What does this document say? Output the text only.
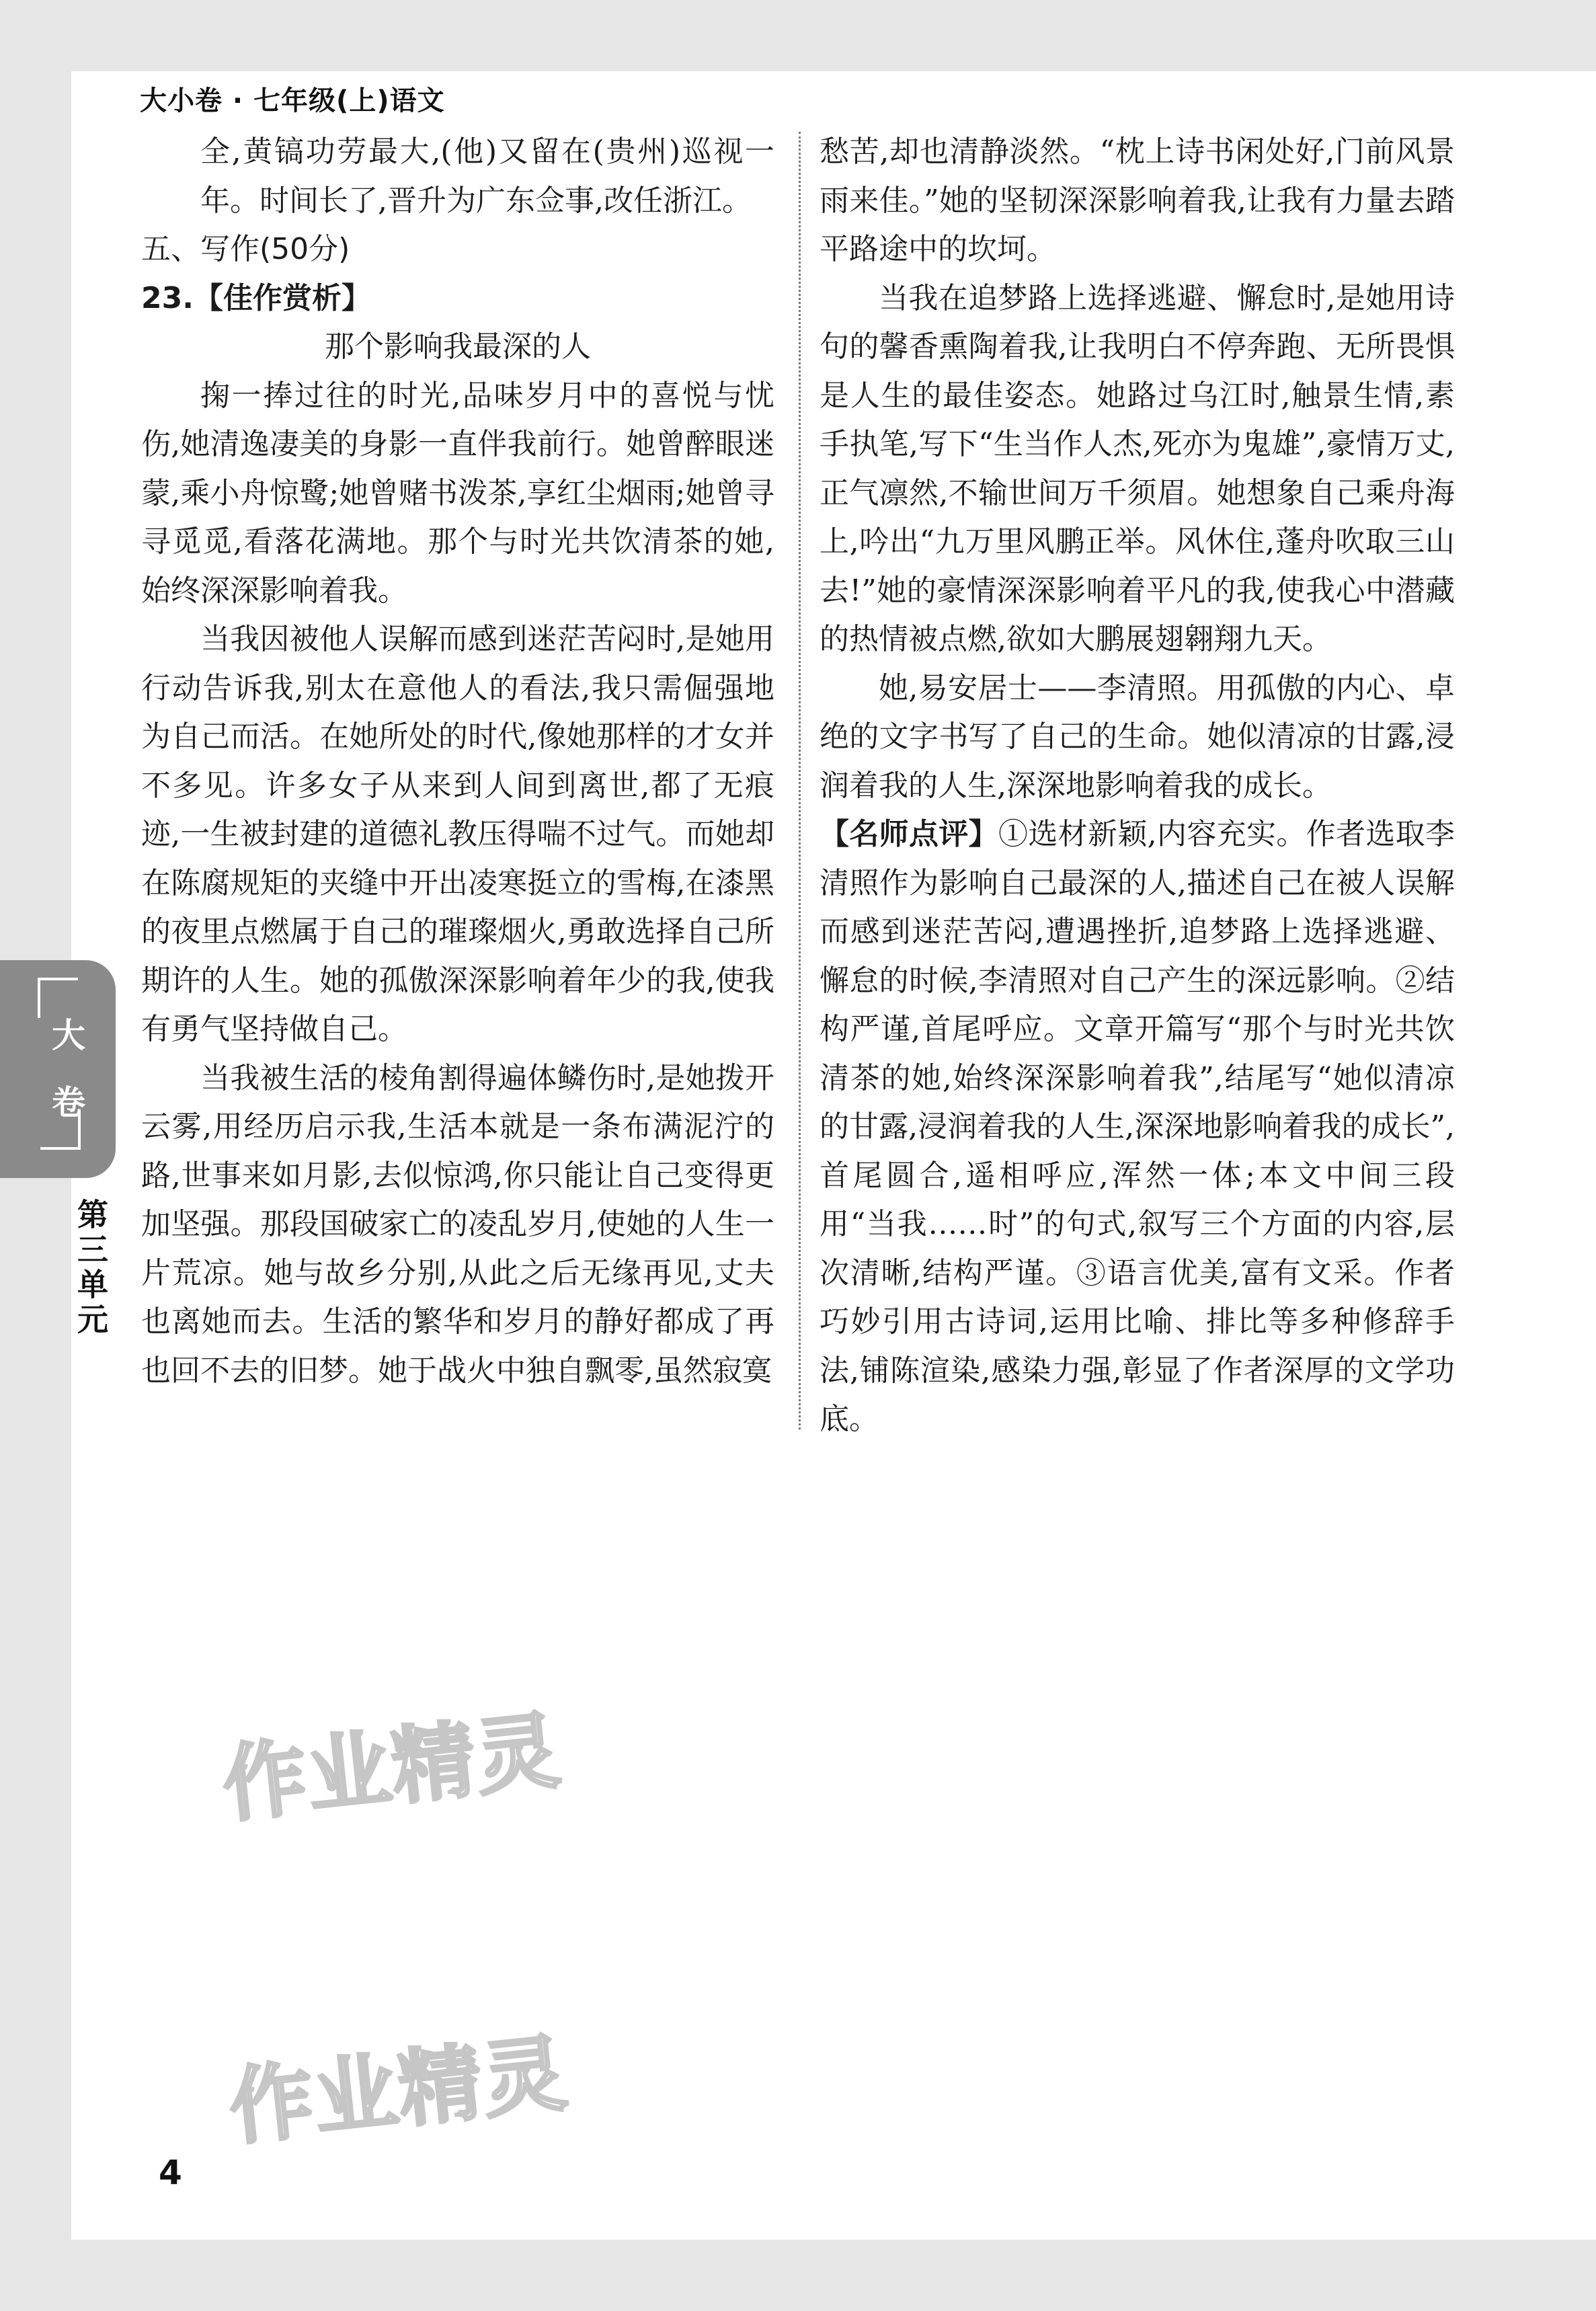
大小卷 · 七年级(上)语文

全,黄镐功劳最大,(他)又留在(贵州)巡视一年。时间长了,晋升为广东佥事,改任浙江。

五、写作(50分)

23.【佳作赏析】

那个影响我最深的人

掬一捧过往的时光,品味岁月中的喜悦与忧伤,她清逸凄美的身影一直伴我前行。她曾醉眼迷蒙,乘小舟惊鹭;她曾赌书泼茶,享红尘烟雨;她曾寻寻觅觅,看落花满地。那个与时光共饮清茶的她,始终深深影响着我。

当我因被他人误解而感到迷茫苦闷时,是她用行动告诉我,别太在意他人的看法,我只需倔强地为自己而活。在她所处的时代,像她那样的才女并不多见。许多女子从来到人间到离世,都了无痕迹,一生被封建的道德礼教压得喘不过气。而她却在陈腐规矩的夹缝中开出凌寒挺立的雪梅,在漆黑的夜里点燃属于自己的璀璨烟火,勇敢选择自己所期许的人生。她的孤傲深深影响着年少的我,使我有勇气坚持做自己。

当我被生活的棱角割得遍体鳞伤时,是她拨开云雾,用经历启示我,生活本就是一条布满泥泞的路,世事来如月影,去似惊鸿,你只能让自己变得更加坚强。那段国破家亡的凌乱岁月,使她的人生一片荒凉。她与故乡分别,从此之后无缘再见,丈夫也离她而去。生活的繁华和岁月的静好都成了再也回不去的旧梦。她于战火中独自飘零,虽然寂寞

愁苦,却也清静淡然。“枕上诗书闲处好,门前风景雨来佳。”她的坚韧深深影响着我,让我有力量去踏平路途中的坎坷。

当我在追梦路上选择逃避、懈怠时,是她用诗句的馨香熏陶着我,让我明白不停奔跑、无所畏惧是人生的最佳姿态。她路过乌江时,触景生情,素手执笔,写下“生当作人杰,死亦为鬼雄”,豪情万丈,正气凛然,不输世间万千须眉。她想象自己乘舟海上,吟出“九万里风鹏正举。风休住,蓬舟吹取三山去!”她的豪情深深影响着平凡的我,使我心中潜藏的热情被点燃,欲如大鹏展翅翱翔九天。

她,易安居士——李清照。用孤傲的内心、卓绝的文字书写了自己的生命。她似清凉的甘露,浸润着我的人生,深深地影响着我的成长。

【名师点评】①选材新颖,内容充实。作者选取李清照作为影响自己最深的人,描述自己在被人误解而感到迷茫苦闷,遭遇挫折,追梦路上选择逃避、懈怠的时候,李清照对自己产生的深远影响。②结构严谨,首尾呼应。文章开篇写“那个与时光共饮清茶的她,始终深深影响着我”,结尾写“她似清凉的甘露,浸润着我的人生,深深地影响着我的成长”,首尾圆合,遥相呼应,浑然一体;本文中间三段用“当我……时”的句式,叙写三个方面的内容,层次清晰,结构严谨。③语言优美,富有文采。作者巧妙引用古诗词,运用比喻、排比等多种修辞手法,铺陈渲染,感染力强,彰显了作者深厚的文学功底。

大
卷
第三单元
作业精灵
作业精灵
4
